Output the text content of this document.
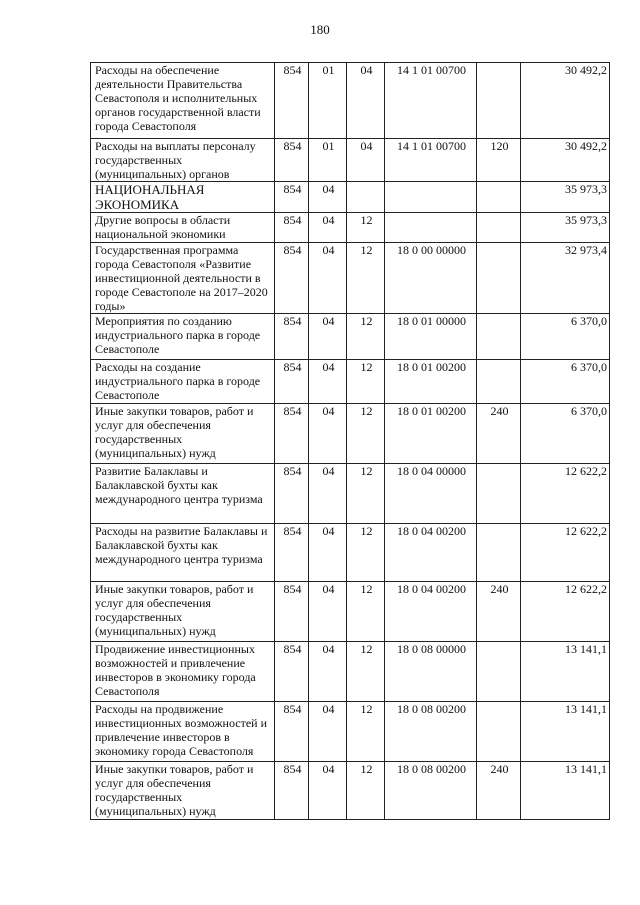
180
Расходы на обеспечение деятельности Правительства Севастополя и исполнительных органов государственной власти города Севастополя	854	01	04	14 1 01 00700		30 492,2
Расходы на выплаты персоналу государственных (муниципальных) органов	854	01	04	14 1 01 00700	120	30 492,2
НАЦИОНАЛЬНАЯ ЭКОНОМИКА	854	04				35 973,3
Другие вопросы в области национальной экономики	854	04	12			35 973,3
Государственная программа города Севастополя «Развитие инвестиционной деятельности в городе Севастополе на 2017–2020 годы»	854	04	12	18 0 00 00000		32 973,4
Мероприятия по созданию индустриального парка в городе Севастополе	854	04	12	18 0 01 00000		6 370,0
Расходы на создание индустриального парка в городе Севастополе	854	04	12	18 0 01 00200		6 370,0
Иные закупки товаров, работ и услуг для обеспечения государственных (муниципальных) нужд	854	04	12	18 0 01 00200	240	6 370,0
Развитие Балаклавы и Балаклавской бухты как международного центра туризма	854	04	12	18 0 04 00000		12 622,2
Расходы на развитие Балаклавы и Балаклавской бухты как международного центра туризма	854	04	12	18 0 04 00200		12 622,2
Иные закупки товаров, работ и услуг для обеспечения государственных (муниципальных) нужд	854	04	12	18 0 04 00200	240	12 622,2
Продвижение инвестиционных возможностей и привлечение инвесторов в экономику города Севастополя	854	04	12	18 0 08 00000		13 141,1
Расходы на продвижение инвестиционных возможностей и привлечение инвесторов в экономику города Севастополя	854	04	12	18 0 08 00200		13 141,1
Иные закупки товаров, работ и услуг для обеспечения государственных (муниципальных) нужд	854	04	12	18 0 08 00200	240	13 141,1
